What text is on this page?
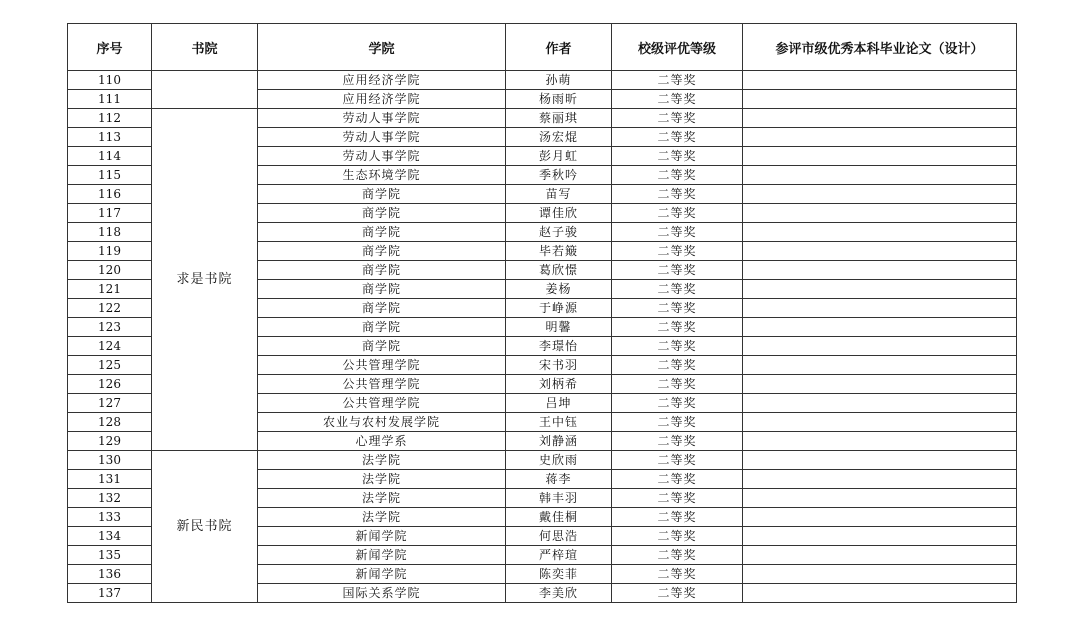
序号	书院	学院	作者	校级评优等级	参评市级优秀本科毕业论文（设计）
110		应用经济学院	孙萌	二等奖	
111		应用经济学院	杨雨昕	二等奖	
112	求是书院	劳动人事学院	蔡丽琪	二等奖	
113		劳动人事学院	汤宏焜	二等奖	
114		劳动人事学院	彭月虹	二等奖	
115		生态环境学院	季秋吟	二等奖	
116		商学院	苗写	二等奖	
117		商学院	谭佳欣	二等奖	
118		商学院	赵子骏	二等奖	
119		商学院	毕若簸	二等奖	
120		商学院	葛欣憬	二等奖	
121		商学院	姜杨	二等奖	
122		商学院	于峥源	二等奖	
123		商学院	明馨	二等奖	
124		商学院	李璟怡	二等奖	
125		公共管理学院	宋书羽	二等奖	
126		公共管理学院	刘柄希	二等奖	
127		公共管理学院	吕坤	二等奖	
128		农业与农村发展学院	王中钰	二等奖	
129		心理学系	刘静涵	二等奖	
130	新民书院	法学院	史欣雨	二等奖	
131		法学院	蒋李	二等奖	
132		法学院	韩丰羽	二等奖	
133		法学院	戴佳桐	二等奖	
134		新闻学院	何思浩	二等奖	
135		新闻学院	严梓瑄	二等奖	
136		新闻学院	陈奕菲	二等奖	
137		国际关系学院	李美欣	二等奖	
